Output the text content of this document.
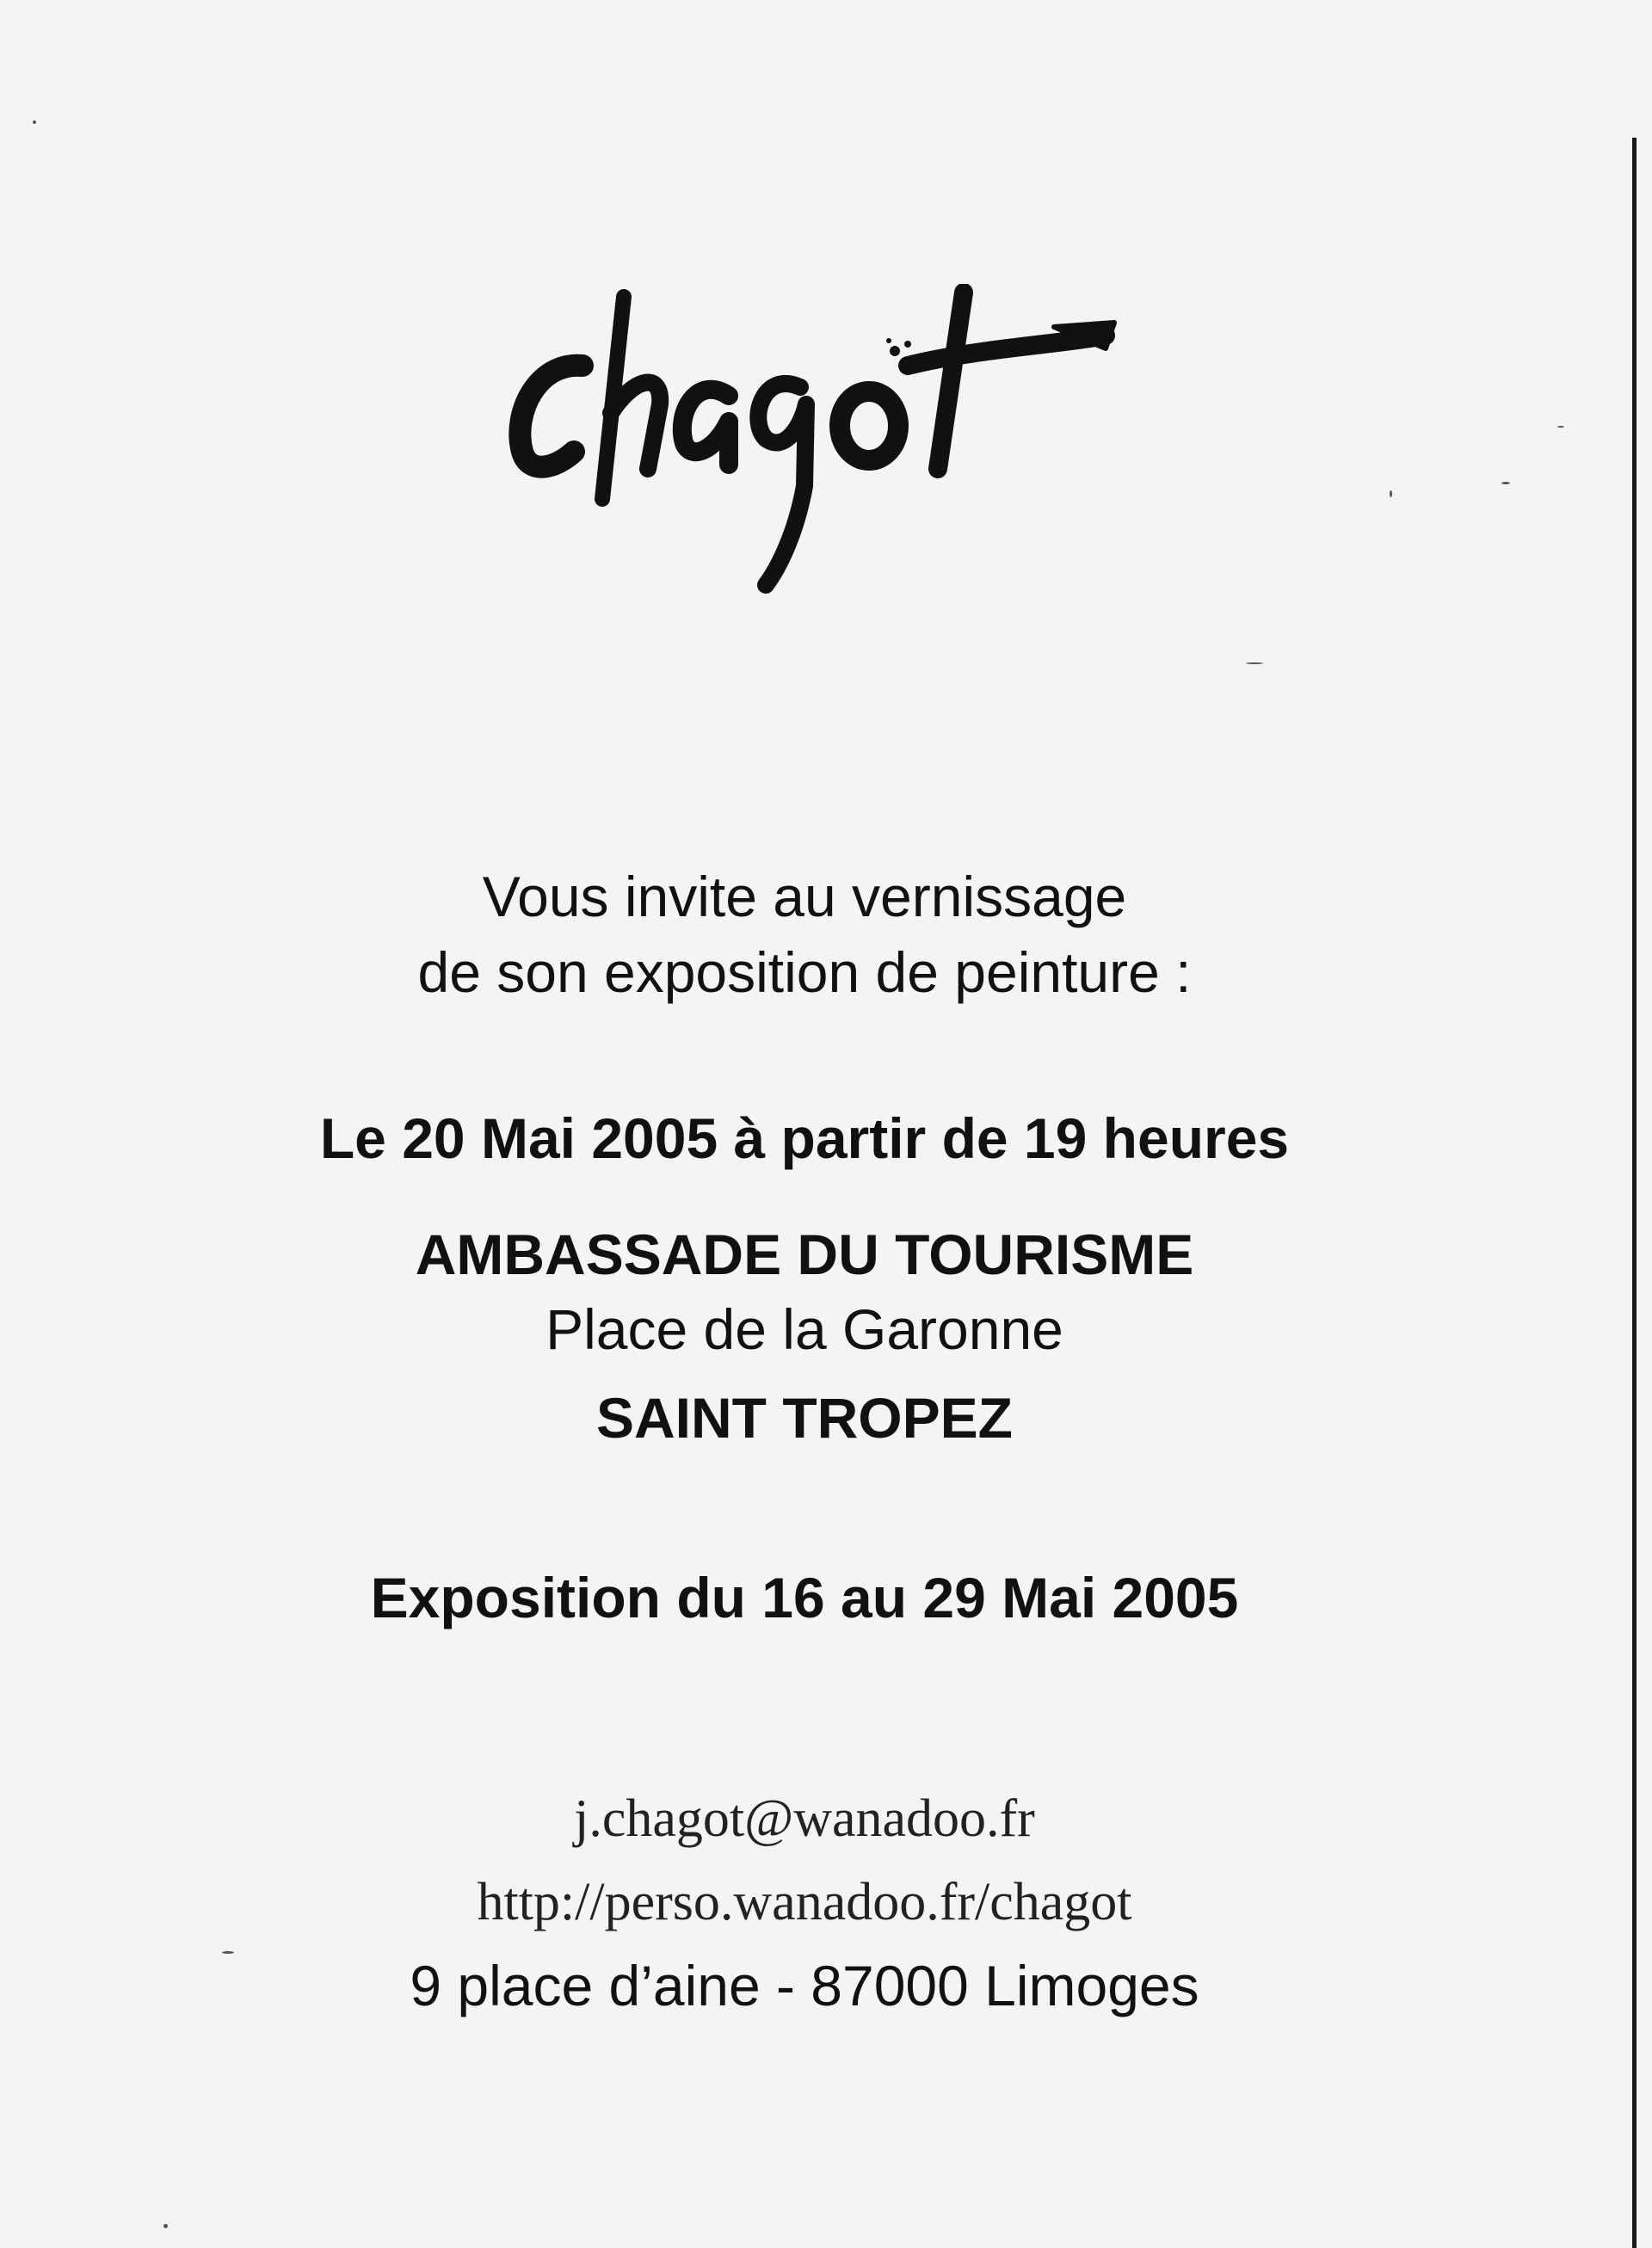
Vous invite au vernissage
de son exposition de peinture :
Le 20 Mai 2005 à partir de 19 heures
AMBASSADE DU TOURISME
Place de la Garonne
SAINT TROPEZ
Exposition du 16 au 29 Mai 2005
j.chagot@wanadoo.fr
http://perso.wanadoo.fr/chagot
9 place d’aine - 87000 Limoges
